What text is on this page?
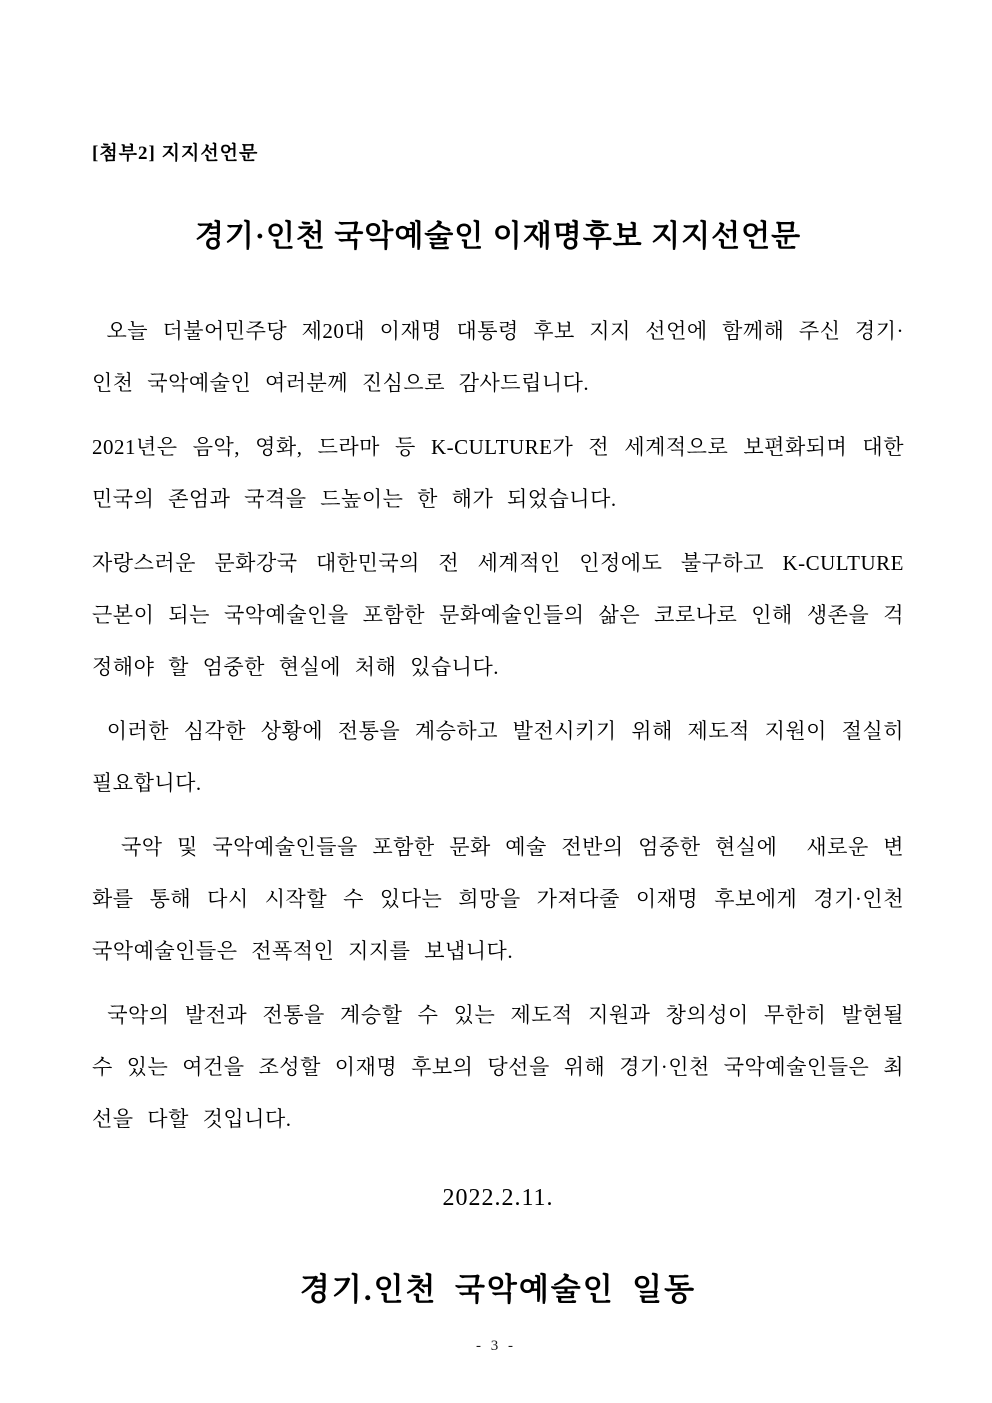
[첨부2] 지지선언문
경기·인천 국악예술인 이재명후보 지지선언문

오늘 더불어민주당 제20대 이재명 대통령 후보 지지 선언에 함께해 주신 경기·인천 국악예술인 여러분께 진심으로 감사드립니다.

2021년은 음악, 영화, 드라마 등 K-CULTURE가 전 세계적으로 보편화되며 대한민국의 존엄과 국격을 드높이는 한 해가 되었습니다.

자랑스러운 문화강국 대한민국의 전 세계적인 인정에도 불구하고 K-CULTURE 근본이 되는 국악예술인을 포함한 문화예술인들의 삶은 코로나로 인해 생존을 걱정해야 할 엄중한 현실에 처해 있습니다.

이러한 심각한 상황에 전통을 계승하고 발전시키기 위해 제도적 지원이 절실히 필요합니다.

국악 및 국악예술인들을 포함한 문화 예술 전반의 엄중한 현실에  새로운 변화를 통해 다시 시작할 수 있다는 희망을 가져다줄 이재명 후보에게 경기·인천 국악예술인들은 전폭적인 지지를 보냅니다.

국악의 발전과 전통을 계승할 수 있는 제도적 지원과 창의성이 무한히 발현될 수 있는 여건을 조성할 이재명 후보의 당선을 위해 경기·인천 국악예술인들은 최선을 다할 것입니다.

2022.2.11.
경기.인천 국악예술인 일동
- 3 -
